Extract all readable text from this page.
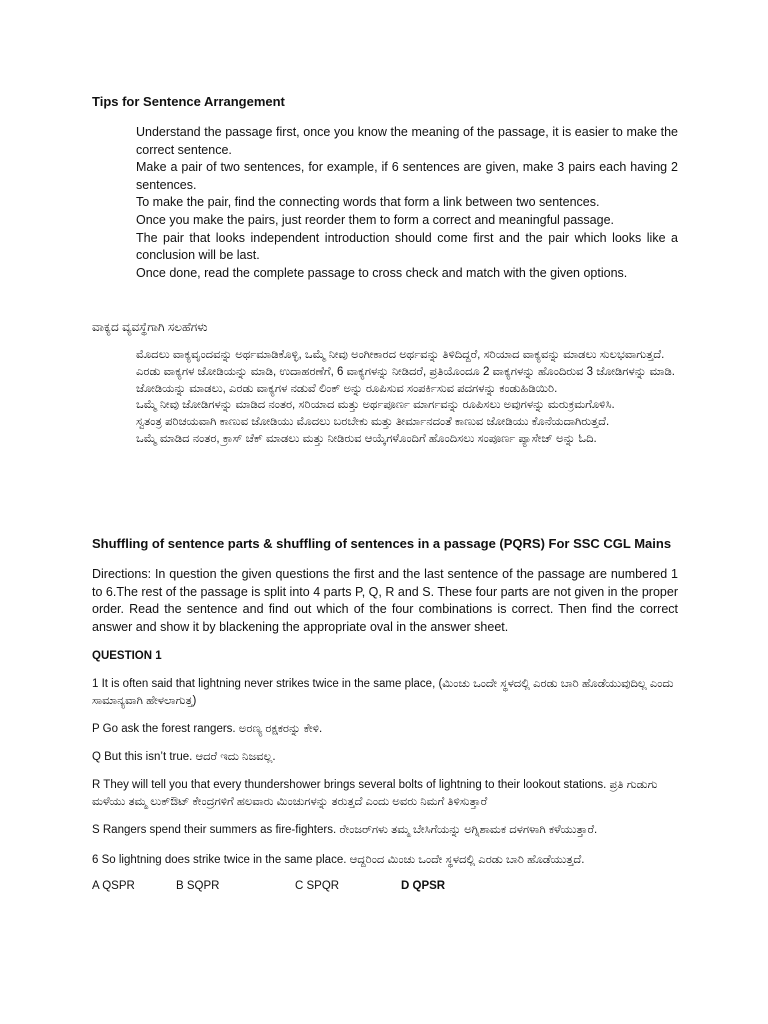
Tips for Sentence Arrangement
Understand the passage first, once you know the meaning of the passage, it is easier to make the correct sentence.
Make a pair of two sentences, for example, if 6 sentences are given, make 3 pairs each having 2 sentences.
To make the pair, find the connecting words that form a link between two sentences.
Once you make the pairs, just reorder them to form a correct and meaningful passage.
The pair that looks independent introduction should come first and the pair which looks like a conclusion will be last.
Once done, read the complete passage to cross check and match with the given options.
ವಾಕ್ಯದ ವ್ಯವಸ್ಥೆಗಾಗಿ ಸಲಹೆಗಳು
ಮೊದಲು ವಾಕ್ಯವೃಂದವನ್ನು ಅರ್ಥಮಾಡಿಕೊಳ್ಳಿ, ಒಮ್ಮೆ ನೀವು ಅಂಗೀಕಾರದ ಅರ್ಥವನ್ನು ತಿಳಿದಿದ್ದರೆ, ಸರಿಯಾದ ವಾಕ್ಯವನ್ನು ಮಾಡಲು ಸುಲಭವಾಗುತ್ತದೆ.
ಎರಡು ವಾಕ್ಯಗಳ ಜೋಡಿಯನ್ನು ಮಾಡಿ, ಉದಾಹರಣೆಗೆ, 6 ವಾಕ್ಯಗಳನ್ನು ನೀಡಿದರೆ, ಪ್ರತಿಯೊಂದೂ 2 ವಾಕ್ಯಗಳನ್ನು ಹೊಂದಿರುವ 3 ಜೋಡಿಗಳನ್ನು ಮಾಡಿ.
ಜೋಡಿಯನ್ನು ಮಾಡಲು, ಎರಡು ವಾಕ್ಯಗಳ ನಡುವೆ ಲಿಂಕ್ ಅನ್ನು ರೂಪಿಸುವ ಸಂಪರ್ಕಿಸುವ ಪದಗಳನ್ನು ಕಂಡುಹಿಡಿಯಿರಿ.
ಒಮ್ಮೆ ನೀವು ಜೋಡಿಗಳನ್ನು ಮಾಡಿದ ನಂತರ, ಸರಿಯಾದ ಮತ್ತು ಅರ್ಥಪೂರ್ಣ ಮಾರ್ಗವನ್ನು ರೂಪಿಸಲು ಅವುಗಳನ್ನು ಮರುಕ್ರಮಗೊಳಿಸಿ.
ಸ್ವತಂತ್ರ ಪರಿಚಯವಾಗಿ ಕಾಣುವ ಜೋಡಿಯು ಮೊದಲು ಬರಬೇಕು ಮತ್ತು ತೀರ್ಮಾನದಂತೆ ಕಾಣುವ ಜೋಡಿಯು ಕೊನೆಯದಾಗಿರುತ್ತದೆ.
ಒಮ್ಮೆ ಮಾಡಿದ ನಂತರ, ಕ್ರಾಸ್ ಚೆಕ್ ಮಾಡಲು ಮತ್ತು ನೀಡಿರುವ ಆಯ್ಕೆಗಳೊಂದಿಗೆ ಹೊಂದಿಸಲು ಸಂಪೂರ್ಣ ಪ್ಯಾಸೇಜ್ ಅನ್ನು ಓದಿ.
Shuffling of sentence parts & shuffling of sentences in a passage (PQRS) For SSC CGL Mains
Directions: In question the given questions the first and the last sentence of the passage are numbered 1 to 6.The rest of the passage is split into 4 parts P, Q, R and S. These four parts are not given in the proper order. Read the sentence and find out which of the four combinations is correct. Then find the correct answer and show it by blackening the appropriate oval in the answer sheet.
QUESTION 1
1 It is often said that lightning never strikes twice in the same place, (ಮಿಂಚು ಒಂದೇ ಸ್ಥಳದಲ್ಲಿ ಎರಡು ಬಾರಿ ಹೊಡೆಯುವುದಿಲ್ಲ ಎಂದು ಸಾಮಾನ್ಯವಾಗಿ ಹೇಳಲಾಗುತ್ತ)
P Go ask the forest rangers. ಅರಣ್ಯ ರಕ್ಷಕರನ್ನು ಕೇಳಿ.
Q But this isn’t true. ಆದರೆ ಇದು ನಿಜವಲ್ಲ.
R They will tell you that every thundershower brings several bolts of lightning to their lookout stations. ಪ್ರತಿ ಗುಡುಗು ಮಳೆಯು ತಮ್ಮ ಲುಕ್‌ಔಟ್ ಕೇಂದ್ರಗಳಿಗೆ ಹಲವಾರು ಮಿಂಚುಗಳನ್ನು ತರುತ್ತದೆ ಎಂದು ಅವರು ನಿಮಗೆ ತಿಳಿಸುತ್ತಾರೆ
S Rangers spend their summers as fire-fighters. ರೇಂಜರ್‌ಗಳು ತಮ್ಮ ಬೇಸಿಗೆಯನ್ನು ಅಗ್ನಿಶಾಮಕ ದಳಗಳಾಗಿ ಕಳೆಯುತ್ತಾರೆ.
6 So lightning does strike twice in the same place. ಆದ್ದರಿಂದ ಮಿಂಚು ಒಂದೇ ಸ್ಥಳದಲ್ಲಿ ಎರಡು ಬಾರಿ ಹೊಡೆಯುತ್ತದೆ.
A QSPR	B SQPR	C SPQR	D QPSR
